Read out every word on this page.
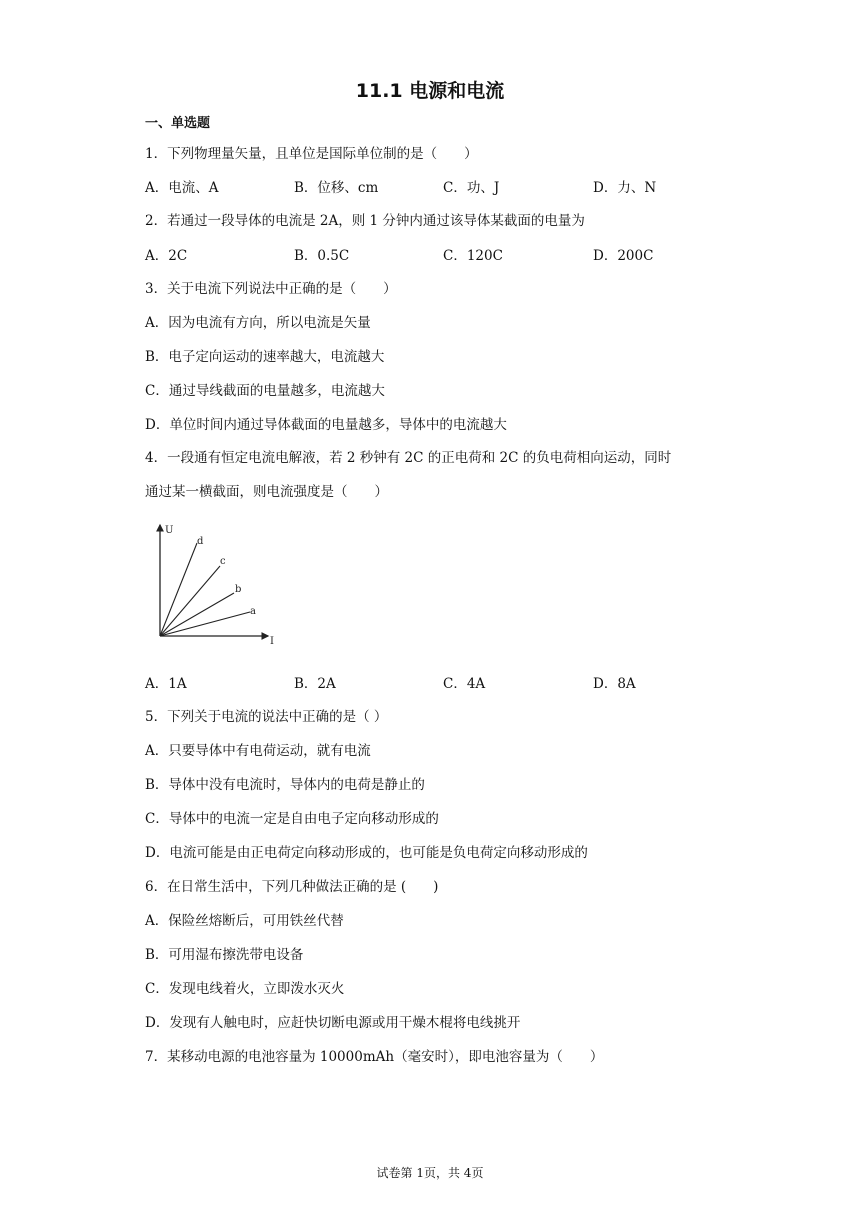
11.1 电源和电流
一、单选题
1．下列物理量矢量，且单位是国际单位制的是（　　）
A．电流、A	B．位移、cm	C．功、J	D．力、N
2．若通过一段导体的电流是 2A，则 1 分钟内通过该导体某截面的电量为
A．2C	B．0.5C	C．120C	D．200C
3．关于电流下列说法中正确的是（　　）
A．因为电流有方向，所以电流是矢量
B．电子定向运动的速率越大，电流越大
C．通过导线截面的电量越多，电流越大
D．单位时间内通过导体截面的电量越多，导体中的电流越大
4．一段通有恒定电流电解液，若 2 秒钟有 2C 的正电荷和 2C 的负电荷相向运动，同时
通过某一横截面，则电流强度是（　　）
U
I
d
c
b
a
A．1A	B．2A	C．4A	D．8A
5．下列关于电流的说法中正确的是（ ）
A．只要导体中有电荷运动，就有电流
B．导体中没有电流时，导体内的电荷是静止的
C．导体中的电流一定是自由电子定向移动形成的
D．电流可能是由正电荷定向移动形成的，也可能是负电荷定向移动形成的
6．在日常生活中，下列几种做法正确的是 (　　)
A．保险丝熔断后，可用铁丝代替
B．可用湿布擦洗带电设备
C．发现电线着火，立即泼水灭火
D．发现有人触电时，应赶快切断电源或用干燥木棍将电线挑开
7．某移动电源的电池容量为 10000mAh（毫安时），即电池容量为（　　）
试卷第 1页，共 4页
